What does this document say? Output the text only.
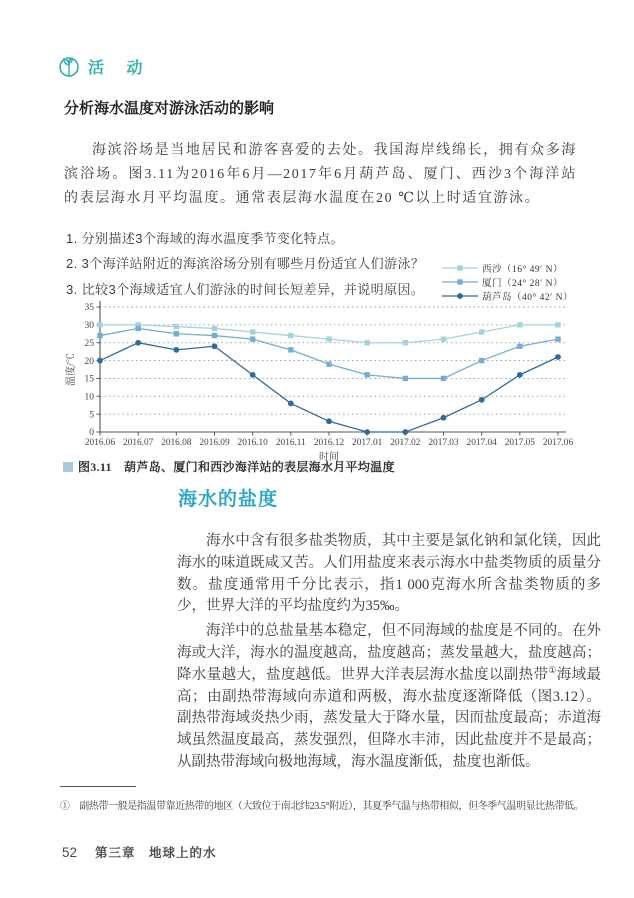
活 动
分析海水温度对游泳活动的影响
海滨浴场是当地居民和游客喜爱的去处。我国海岸线绵长，拥有众多海滨浴场。图3.11为2016年6月—2017年6月葫芦岛、厦门、西沙3个海洋站的表层海水月平均温度。通常表层海水温度在20 ℃以上时适宜游泳。
1. 分别描述3个海域的海水温度季节变化特点。
2. 3个海洋站附近的海滨浴场分别有哪些月份适宜人们游泳？
3. 比较3个海域适宜人们游泳的时间长短差异，并说明原因。
西沙（16° 49′ N）
厦门（24° 28′ N）
葫芦岛（40° 42′ N）
0
5
10
15
20
25
30
35
2016.06 2016.07 2016.08 2016.09 2016.10 2016.11 2016.12 2017.01 2017.02 2017.03 2017.04 2017.05 2017.06
时间
温度/℃
图3.11　葫芦岛、厦门和西沙海洋站的表层海水月平均温度
海水的盐度

海水中含有很多盐类物质，其中主要是氯化钠和氯化镁，因此海水的味道既咸又苦。人们用盐度来表示海水中盐类物质的质量分数。盐度通常用千分比表示，指1 000克海水所含盐类物质的多少，世界大洋的平均盐度约为35‰。

海洋中的总盐量基本稳定，但不同海域的盐度是不同的。在外海或大洋，海水的温度越高，盐度越高；蒸发量越大，盐度越高；降水量越大，盐度越低。世界大洋表层海水盐度以副热带①海域最高；由副热带海域向赤道和两极，海水盐度逐渐降低（图3.12）。副热带海域炎热少雨，蒸发量大于降水量，因而盐度最高；赤道海域虽然温度最高，蒸发强烈，但降水丰沛，因此盐度并不是最高；从副热带海域向极地海域，海水温度渐低，盐度也渐低。

①　副热带一般是指温带靠近热带的地区（大致位于南北纬23.5°附近），其夏季气温与热带相似，但冬季气温明显比热带低。
52 第三章　地球上的水
